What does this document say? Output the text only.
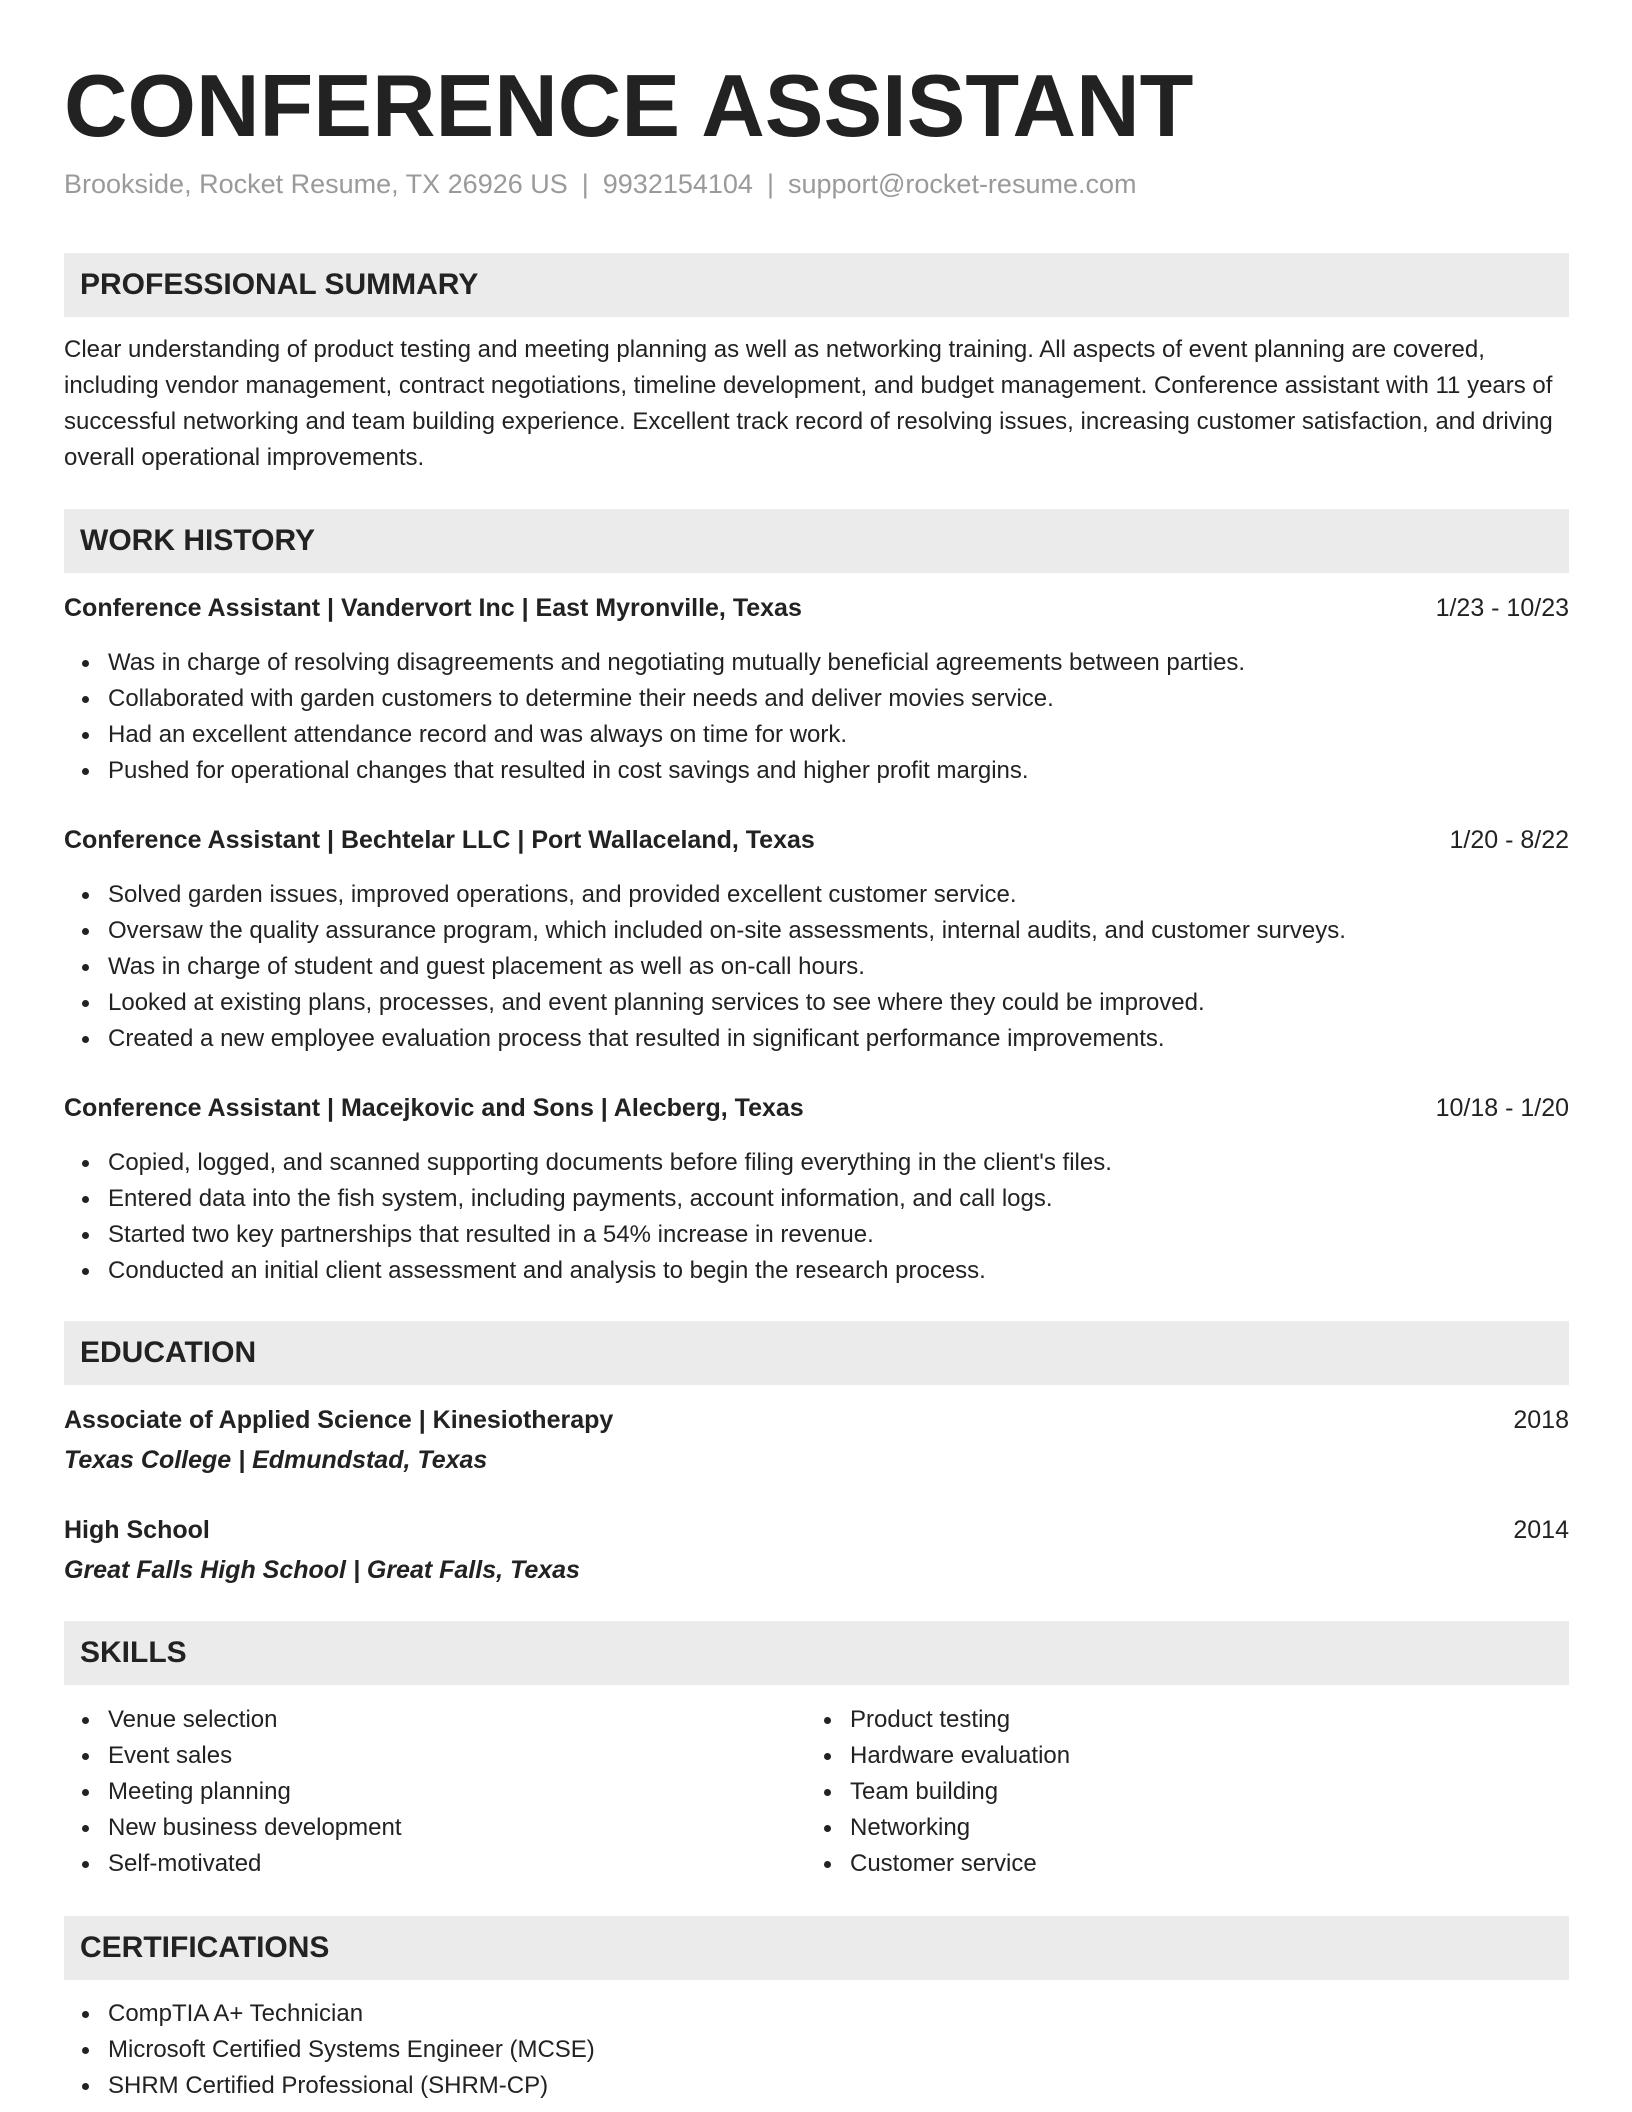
CONFERENCE ASSISTANT
Brookside, Rocket Resume, TX 26926 US | 9932154104 | support@rocket-resume.com
PROFESSIONAL SUMMARY
Clear understanding of product testing and meeting planning as well as networking training. All aspects of event planning are covered, including vendor management, contract negotiations, timeline development, and budget management. Conference assistant with 11 years of successful networking and team building experience. Excellent track record of resolving issues, increasing customer satisfaction, and driving overall operational improvements.
WORK HISTORY
Conference Assistant | Vandervort Inc | East Myronville, Texas	1/23 - 10/23
Was in charge of resolving disagreements and negotiating mutually beneficial agreements between parties.
Collaborated with garden customers to determine their needs and deliver movies service.
Had an excellent attendance record and was always on time for work.
Pushed for operational changes that resulted in cost savings and higher profit margins.
Conference Assistant | Bechtelar LLC | Port Wallaceland, Texas	1/20 - 8/22
Solved garden issues, improved operations, and provided excellent customer service.
Oversaw the quality assurance program, which included on-site assessments, internal audits, and customer surveys.
Was in charge of student and guest placement as well as on-call hours.
Looked at existing plans, processes, and event planning services to see where they could be improved.
Created a new employee evaluation process that resulted in significant performance improvements.
Conference Assistant | Macejkovic and Sons | Alecberg, Texas	10/18 - 1/20
Copied, logged, and scanned supporting documents before filing everything in the client's files.
Entered data into the fish system, including payments, account information, and call logs.
Started two key partnerships that resulted in a 54% increase in revenue.
Conducted an initial client assessment and analysis to begin the research process.
EDUCATION
Associate of Applied Science | Kinesiotherapy	2018
Texas College | Edmundstad, Texas
High School	2014
Great Falls High School | Great Falls, Texas
SKILLS
Venue selection
Event sales
Meeting planning
New business development
Self-motivated
Product testing
Hardware evaluation
Team building
Networking
Customer service
CERTIFICATIONS
CompTIA A+ Technician
Microsoft Certified Systems Engineer (MCSE)
SHRM Certified Professional (SHRM-CP)
